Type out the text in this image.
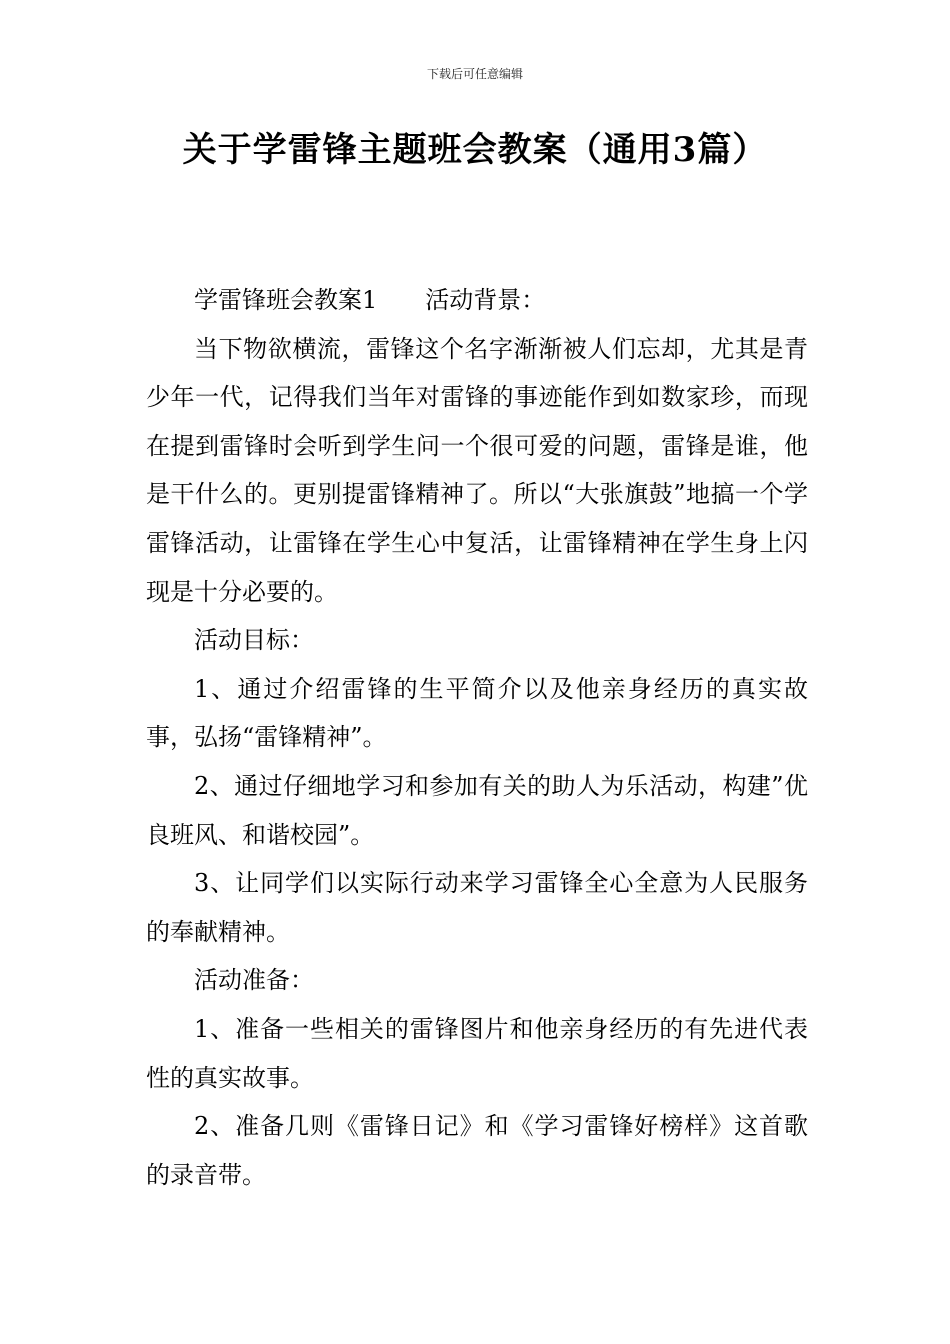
下载后可任意编辑
关于学雷锋主题班会教案（通用3篇）

学雷锋班会教案1 活动背景：

当下物欲横流，雷锋这个名字渐渐被人们忘却，尤其是青少年一代，记得我们当年对雷锋的事迹能作到如数家珍，而现在提到雷锋时会听到学生问一个很可爱的问题，雷锋是谁，他是干什么的。更别提雷锋精神了。所以“大张旗鼓”地搞一个学雷锋活动，让雷锋在学生心中复活，让雷锋精神在学生身上闪现是十分必要的。

活动目标：

1、通过介绍雷锋的生平简介以及他亲身经历的真实故事，弘扬“雷锋精神”。

2、通过仔细地学习和参加有关的助人为乐活动，构建”优良班风、和谐校园”。

3、让同学们以实际行动来学习雷锋全心全意为人民服务的奉献精神。

活动准备：

1、准备一些相关的雷锋图片和他亲身经历的有先进代表性的真实故事。

2、准备几则《雷锋日记》和《学习雷锋好榜样》这首歌的录音带。
